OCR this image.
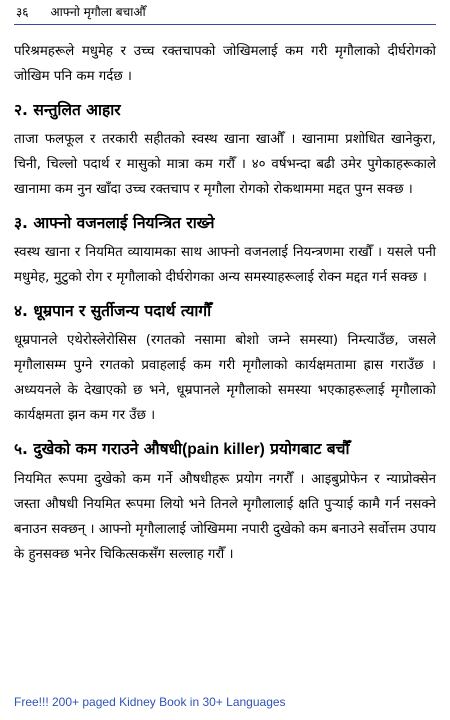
३६ आफ्नो मृगौला बचाऔँ

परिश्रमहरूले मधुमेह र उच्च रक्तचापको जोखिमलाई कम गरी मृगौलाको दीर्घरोगको जोखिम पनि कम गर्दछ ।

२. सन्तुलित आहार

ताजा फलफूल र तरकारी सहीतको स्वस्थ खाना खाऔँ । खानामा प्रशोधित खानेकुरा, चिनी, चिल्लो पदार्थ र मासुको मात्रा कम गरौँ । ४० वर्षभन्दा बढी उमेर पुगेकाहरूकाले खानामा कम नुन खाँदा उच्च रक्तचाप र मृगौला रोगको रोकथाममा मद्दत पुग्न सक्छ ।

३. आफ्नो वजनलाई नियन्त्रित राख्ने

स्वस्थ खाना र नियमित व्यायामका साथ आफ्नो वजनलाई नियन्त्रणमा राखौँ । यसले पनी मधुमेह, मुटुको रोग र मृगौलाको दीर्घरोगका अन्य समस्याहरूलाई रोक्न मद्दत गर्न सक्छ ।

४. धूम्रपान र सुर्तीजन्य पदार्थ त्यागौँ

धूम्रपानले एथेरोस्लेरोसिस (रगतको नसामा बोशो जम्ने समस्या) निम्त्याउँछ, जसले मृगौलासम्म पुग्ने रगतको प्रवाहलाई कम गरी मृगौलाको कार्यक्षमतामा ह्रास गराउँछ । अध्ययनले के देखाएको छ भने, धूम्रपानले मृगौलाको समस्या भएकाहरूलाई मृगौलाको कार्यक्षमता झन कम गर उँछ ।

५. दुखेको कम गराउने औषधी(pain killer) प्रयोगबाट बचौँ

नियमित रूपमा दुखेको कम गर्ने औषधीहरू प्रयोग नगरौँ । आइबुप्रोफेन र न्याप्रोक्सेन जस्ता औषधी नियमित रूपमा लियो भने तिनले मृगौलालाई क्षति पुऱ्याई कामै गर्न नसक्ने बनाउन सक्छन् । आफ्नो मृगौलालाई जोखिममा नपारी दुखेको कम बनाउने सर्वोत्तम उपाय के हुनसक्छ भनेर चिकित्सकसँग सल्लाह गरौँ ।

Free!!! 200+ paged Kidney Book in 30+ Languages
